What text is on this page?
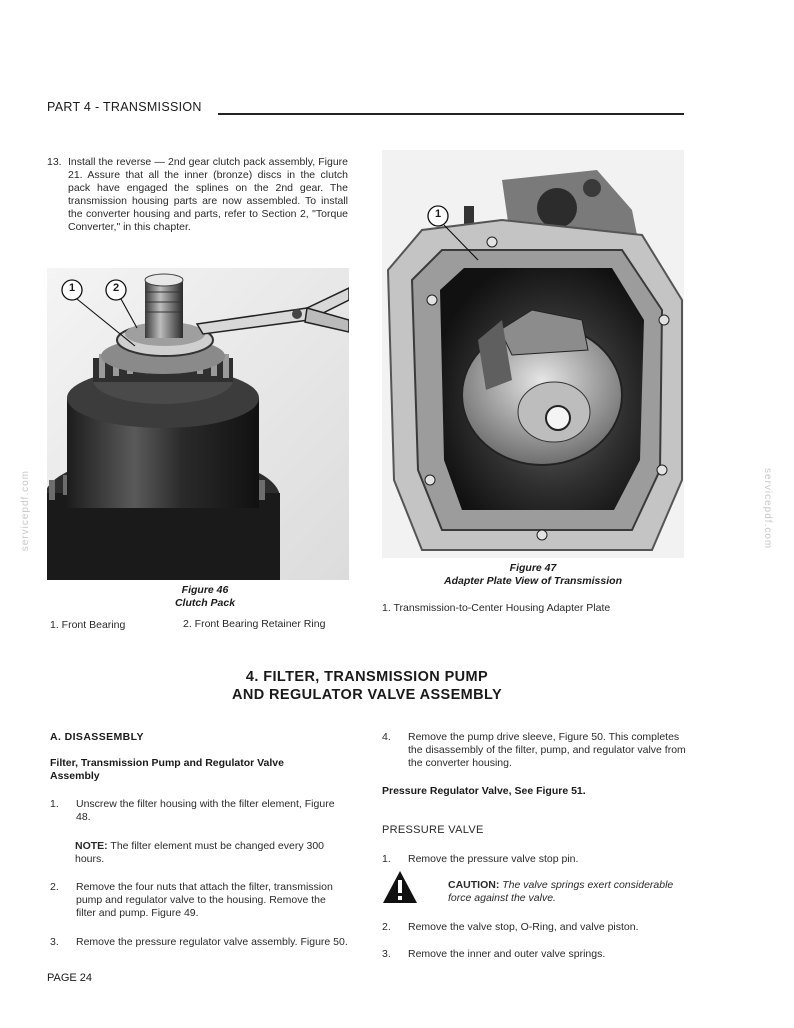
PART 4 - TRANSMISSION
13. Install the reverse — 2nd gear clutch pack assembly, Figure 21. Assure that all the inner (bronze) discs in the clutch pack have engaged the splines on the 2nd gear. The transmission housing parts are now assembled. To install the converter housing and parts, refer to Section 2, "Torque Converter," in this chapter.
1	2
Figure 46
Clutch Pack
1. Front Bearing	2. Front Bearing Retainer Ring
1
Figure 47
Adapter Plate View of Transmission
1. Transmission-to-Center Housing Adapter Plate
4. FILTER, TRANSMISSION PUMP
AND REGULATOR VALVE ASSEMBLY
A. DISASSEMBLY
Filter, Transmission Pump and Regulator Valve Assembly
1. Unscrew the filter housing with the filter element, Figure 48.
NOTE: The filter element must be changed every 300 hours.
2. Remove the four nuts that attach the filter, transmission pump and regulator valve to the housing. Remove the filter and pump. Figure 49.
3. Remove the pressure regulator valve assembly. Figure 50.
4. Remove the pump drive sleeve, Figure 50. This completes the disassembly of the filter, pump, and regulator valve from the converter housing.
Pressure Regulator Valve, See Figure 51.
PRESSURE VALVE
1. Remove the pressure valve stop pin.
CAUTION: The valve springs exert considerable force against the valve.
2. Remove the valve stop, O-Ring, and valve piston.
3. Remove the inner and outer valve springs.
PAGE 24
servicepdf.com	servicepdf.com
